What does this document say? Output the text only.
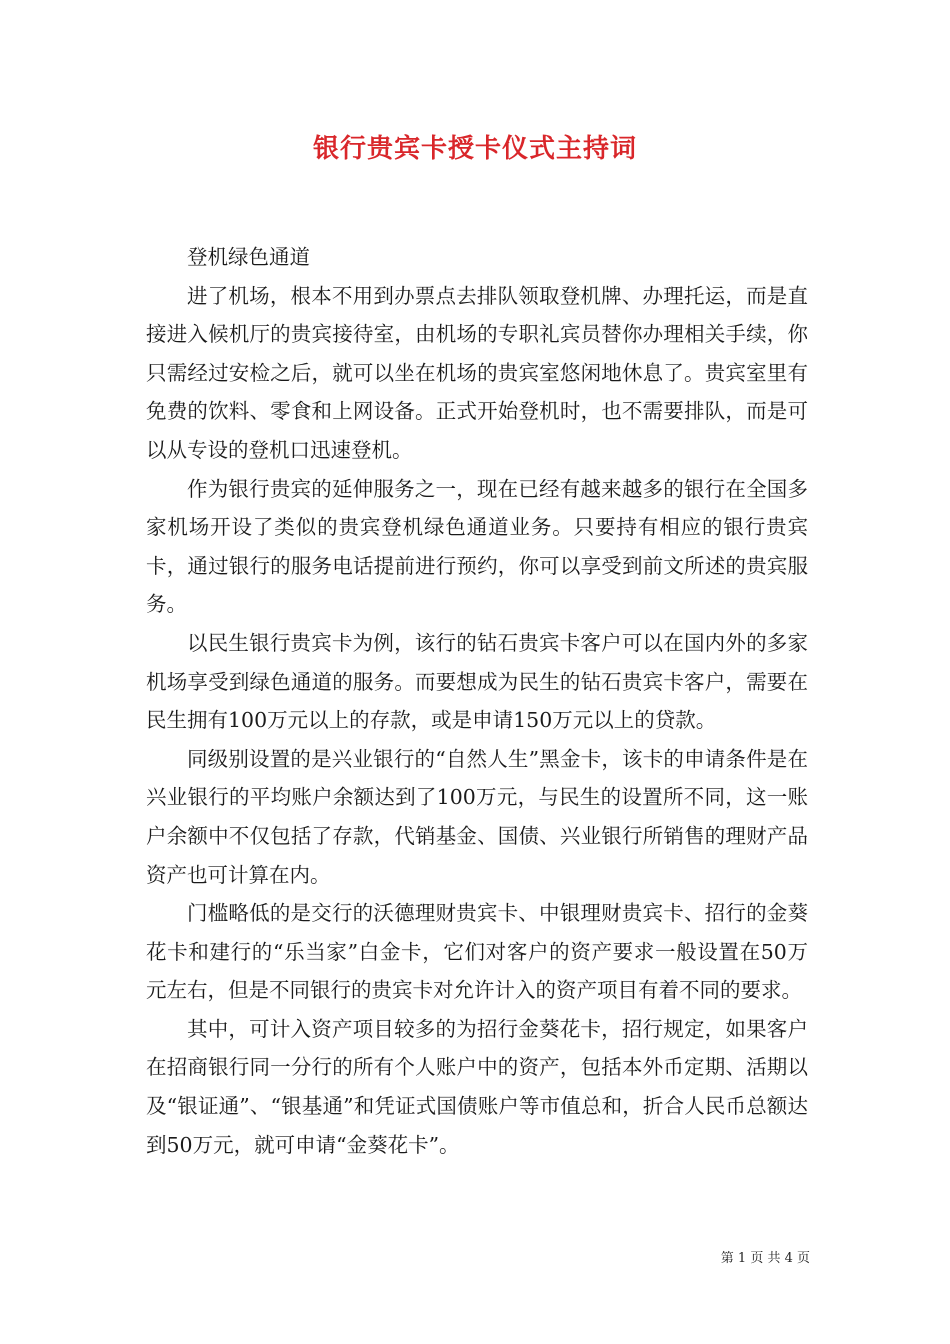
银行贵宾卡授卡仪式主持词

登机绿色通道

进了机场，根本不用到办票点去排队领取登机牌、办理托运，而是直接进入候机厅的贵宾接待室，由机场的专职礼宾员替你办理相关手续，你只需经过安检之后，就可以坐在机场的贵宾室悠闲地休息了。贵宾室里有免费的饮料、零食和上网设备。正式开始登机时，也不需要排队，而是可以从专设的登机口迅速登机。

作为银行贵宾的延伸服务之一，现在已经有越来越多的银行在全国多家机场开设了类似的贵宾登机绿色通道业务。只要持有相应的银行贵宾卡，通过银行的服务电话提前进行预约，你可以享受到前文所述的贵宾服务。

以民生银行贵宾卡为例，该行的钻石贵宾卡客户可以在国内外的多家机场享受到绿色通道的服务。而要想成为民生的钻石贵宾卡客户，需要在民生拥有100万元以上的存款，或是申请150万元以上的贷款。

同级别设置的是兴业银行的“自然人生”黑金卡，该卡的申请条件是在兴业银行的平均账户余额达到了100万元，与民生的设置所不同，这一账户余额中不仅包括了存款，代销基金、国债、兴业银行所销售的理财产品资产也可计算在内。

门槛略低的是交行的沃德理财贵宾卡、中银理财贵宾卡、招行的金葵花卡和建行的“乐当家”白金卡，它们对客户的资产要求一般设置在50万元左右，但是不同银行的贵宾卡对允许计入的资产项目有着不同的要求。

其中，可计入资产项目较多的为招行金葵花卡，招行规定，如果客户在招商银行同一分行的所有个人账户中的资产，包括本外币定期、活期以及“银证通”、“银基通”和凭证式国债账户等市值总和，折合人民币总额达到50万元，就可申请“金葵花卡”。

第 1 页 共 4 页
